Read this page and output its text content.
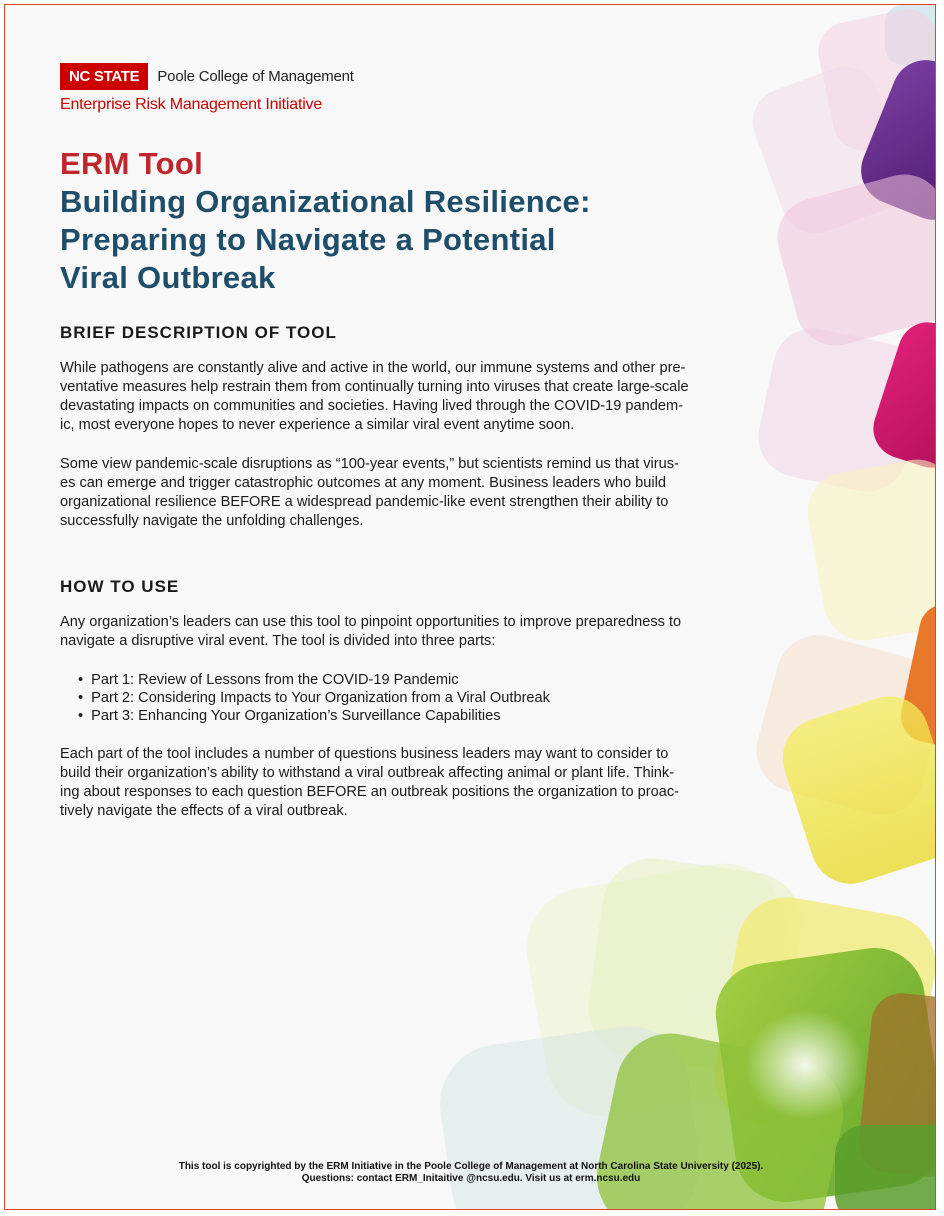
NC STATE	Poole College of Management
Enterprise Risk Management Initiative
ERM Tool
Building Organizational Resilience:
Preparing to Navigate a Potential
Viral Outbreak
BRIEF DESCRIPTION OF TOOL

While pathogens are constantly alive and active in the world, our immune systems and other pre-
ventative measures help restrain them from continually turning into viruses that create large-scale
devastating impacts on communities and societies. Having lived through the COVID-19 pandem-
ic, most everyone hopes to never experience a similar viral event anytime soon.

Some view pandemic-scale disruptions as “100-year events,” but scientists remind us that virus-
es can emerge and trigger catastrophic outcomes at any moment. Business leaders who build
organizational resilience BEFORE a widespread pandemic-like event strengthen their ability to
successfully navigate the unfolding challenges.

HOW TO USE

Any organization’s leaders can use this tool to pinpoint opportunities to improve preparedness to
navigate a disruptive viral event. The tool is divided into three parts:

• Part 1: Review of Lessons from the COVID-19 Pandemic
• Part 2: Considering Impacts to Your Organization from a Viral Outbreak
• Part 3: Enhancing Your Organization’s Surveillance Capabilities

Each part of the tool includes a number of questions business leaders may want to consider to
build their organization’s ability to withstand a viral outbreak affecting animal or plant life. Think-
ing about responses to each question BEFORE an outbreak positions the organization to proac-
tively navigate the effects of a viral outbreak.

This tool is copyrighted by the ERM Initiative in the Poole College of Management at North Carolina State University (2025).
Questions: contact ERM_Initaitive @ncsu.edu. Visit us at erm.ncsu.edu
